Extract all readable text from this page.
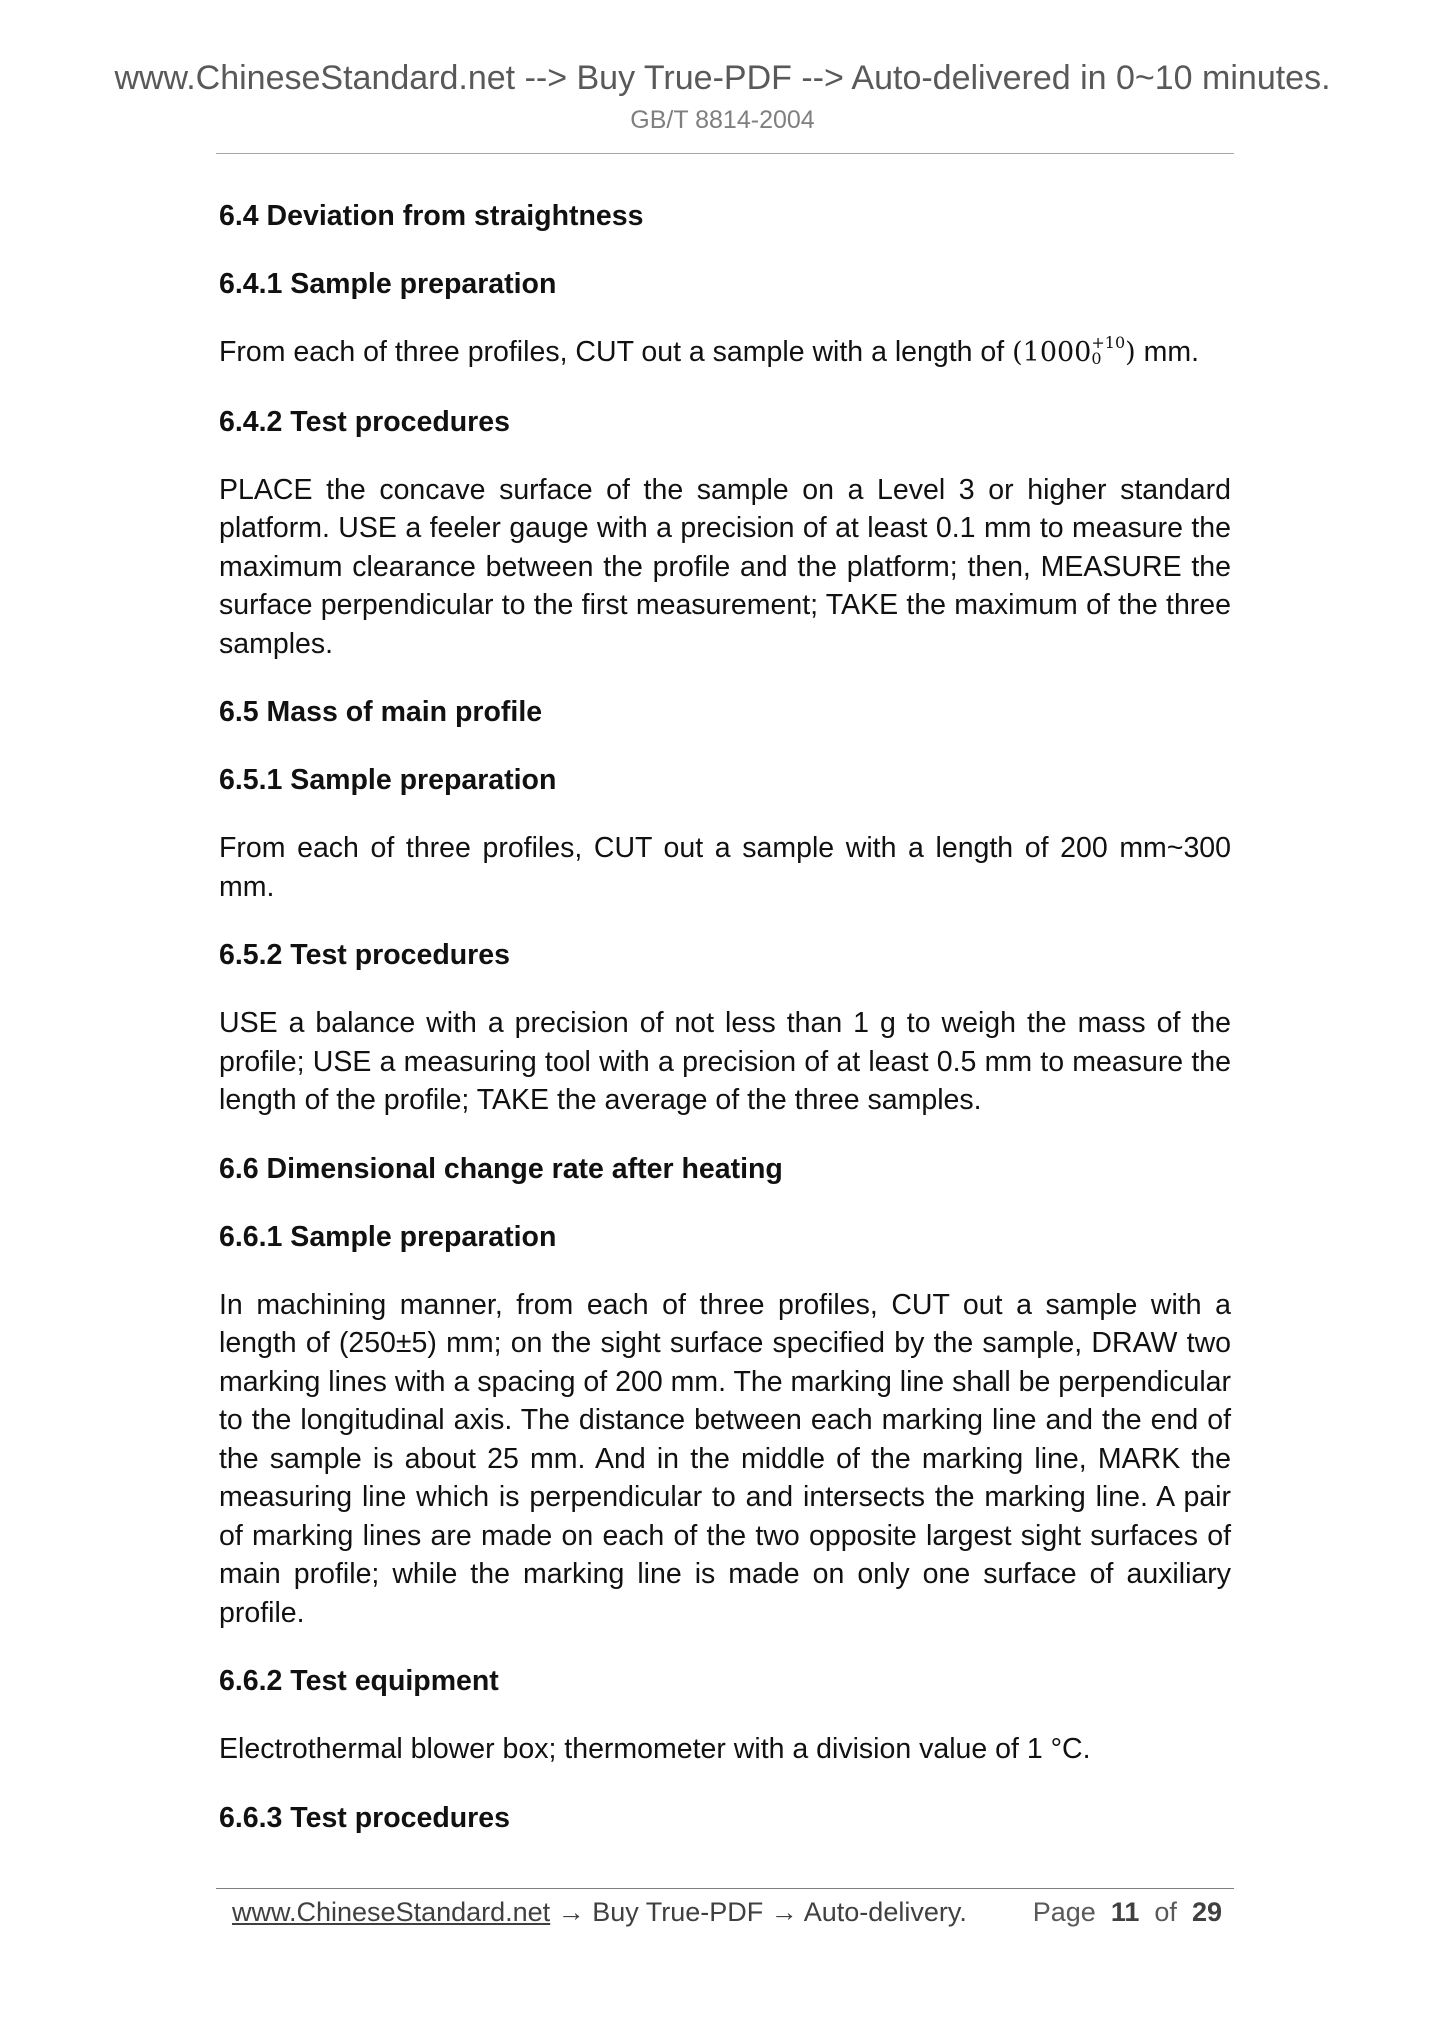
www.ChineseStandard.net --> Buy True-PDF --> Auto-delivered in 0~10 minutes.
GB/T 8814-2004
6.4 Deviation from straightness
6.4.1 Sample preparation
From each of three profiles, CUT out a sample with a length of (1000 +10
0 ) mm.
6.4.2 Test procedures
PLACE the concave surface of the sample on a Level 3 or higher standard platform. USE a feeler gauge with a precision of at least 0.1 mm to measure the maximum clearance between the profile and the platform; then, MEASURE the surface perpendicular to the first measurement; TAKE the maximum of the three samples.
6.5 Mass of main profile
6.5.1 Sample preparation
From each of three profiles, CUT out a sample with a length of 200 mm~300 mm.
6.5.2 Test procedures
USE a balance with a precision of not less than 1 g to weigh the mass of the profile; USE a measuring tool with a precision of at least 0.5 mm to measure the length of the profile; TAKE the average of the three samples.
6.6 Dimensional change rate after heating
6.6.1 Sample preparation
In machining manner, from each of three profiles, CUT out a sample with a length of (250±5) mm; on the sight surface specified by the sample, DRAW two marking lines with a spacing of 200 mm. The marking line shall be perpendicular to the longitudinal axis. The distance between each marking line and the end of the sample is about 25 mm. And in the middle of the marking line, MARK the measuring line which is perpendicular to and intersects the marking line. A pair of marking lines are made on each of the two opposite largest sight surfaces of main profile; while the marking line is made on only one surface of auxiliary profile.
6.6.2 Test equipment
Electrothermal blower box; thermometer with a division value of 1 °C.
6.6.3 Test procedures
www.ChineseStandard.net → Buy True-PDF → Auto-delivery. Page 11 of 29
